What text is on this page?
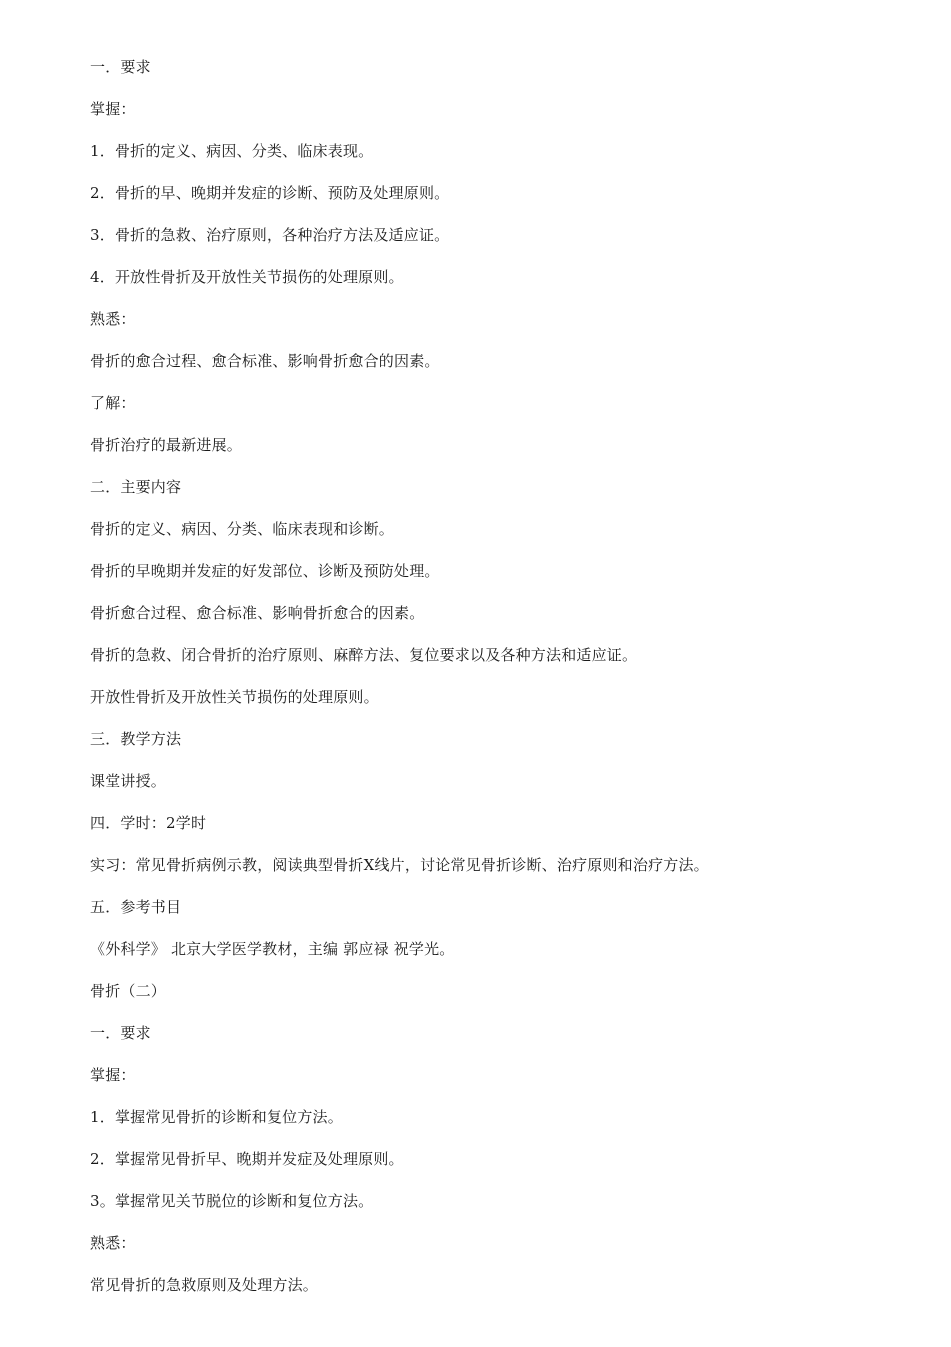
一．要求
掌握：
1．骨折的定义、病因、分类、临床表现。
2．骨折的早、晚期并发症的诊断、预防及处理原则。
3．骨折的急救、治疗原则，各种治疗方法及适应证。
4．开放性骨折及开放性关节损伤的处理原则。
熟悉：
骨折的愈合过程、愈合标准、影响骨折愈合的因素。
了解：
骨折治疗的最新进展。
二．主要内容
骨折的定义、病因、分类、临床表现和诊断。
骨折的早晚期并发症的好发部位、诊断及预防处理。
骨折愈合过程、愈合标准、影响骨折愈合的因素。
骨折的急救、闭合骨折的治疗原则、麻醉方法、复位要求以及各种方法和适应证。
开放性骨折及开放性关节损伤的处理原则。
三．教学方法
课堂讲授。
四．学时：2学时
实习：常见骨折病例示教，阅读典型骨折X线片，讨论常见骨折诊断、治疗原则和治疗方法。
五．参考书目
《外科学》 北京大学医学教材，主编 郭应禄 祝学光。
骨折（二）
一．要求
掌握：
1．掌握常见骨折的诊断和复位方法。
2．掌握常见骨折早、晚期并发症及处理原则。
3。掌握常见关节脱位的诊断和复位方法。
熟悉：
常见骨折的急救原则及处理方法。
